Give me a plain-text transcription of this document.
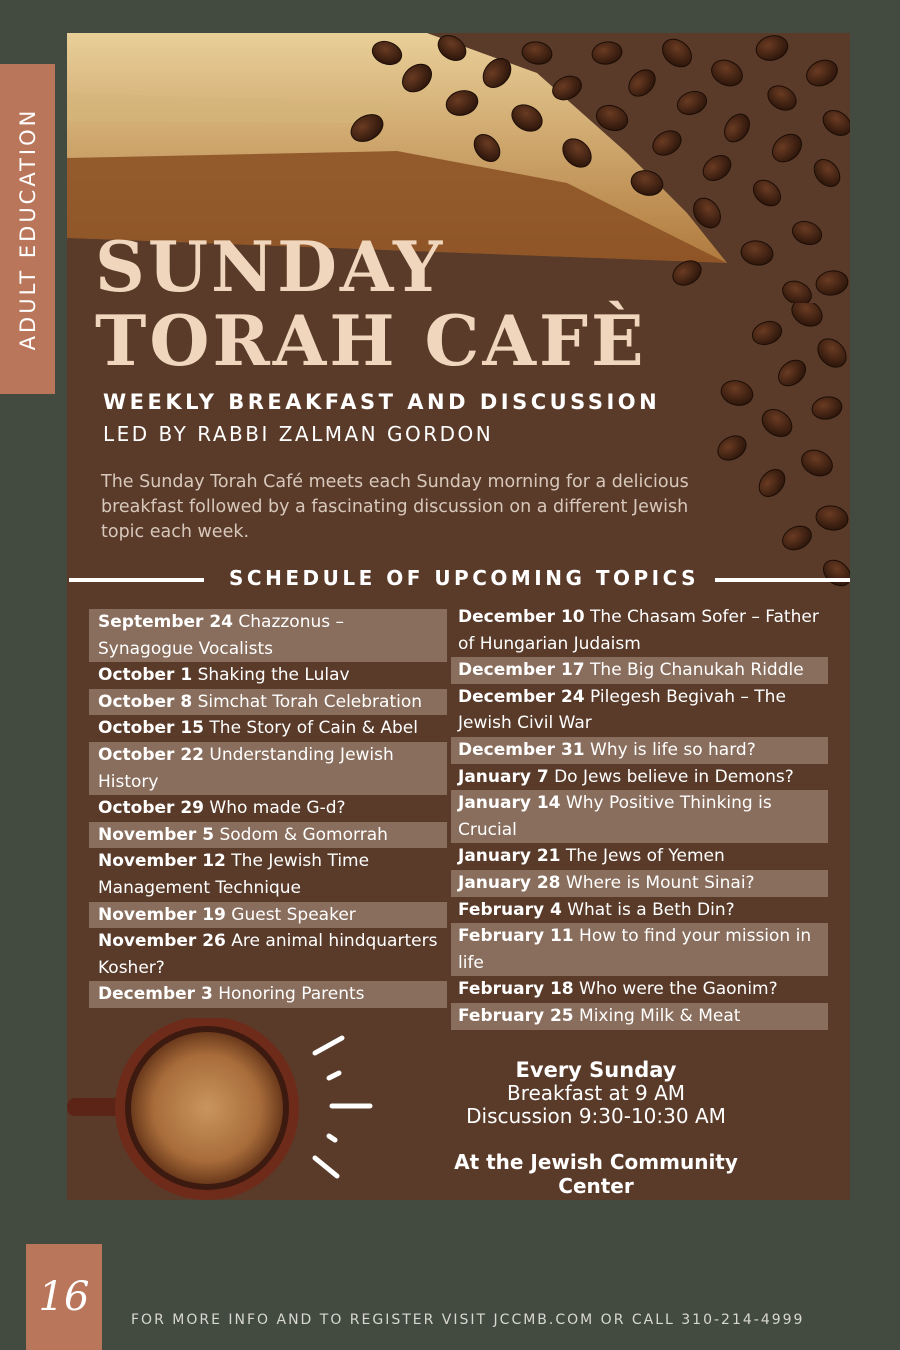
ADULT EDUCATION SUNDAY
TORAH CAFÈ
WEEKLY BREAKFAST AND DISCUSSION
LED BY RABBI ZALMAN GORDON
The Sunday Torah Café meets each Sunday morning for a delicious breakfast followed by a fascinating discussion on a different Jewish topic each week.
SCHEDULE OF UPCOMING TOPICS
September 24 Chazzonus – Synagogue Vocalists
October 1 Shaking the Lulav
October 8 Simchat Torah Celebration
October 15 The Story of Cain & Abel
October 22 Understanding Jewish History
October 29 Who made G-d?
November 5 Sodom & Gomorrah
November 12 The Jewish Time Management Technique
November 19 Guest Speaker
November 26 Are animal hindquarters Kosher?
December 3 Honoring Parents
December 10 The Chasam Sofer – Father of Hungarian Judaism
December 17 The Big Chanukah Riddle
December 24 Pilegesh Begivah – The Jewish Civil War
December 31 Why is life so hard?
January 7 Do Jews believe in Demons?
January 14 Why Positive Thinking is Crucial
January 21 The Jews of Yemen
January 28 Where is Mount Sinai?
February 4 What is a Beth Din?
February 11 How to find your mission in life
February 18 Who were the Gaonim?
February 25 Mixing Milk & Meat
Every Sunday
Breakfast at 9 AM
Discussion 9:30-10:30 AM
At the Jewish Community Center
16	FOR MORE INFO AND TO REGISTER VISIT JCCMB.COM OR CALL 310-214-4999
